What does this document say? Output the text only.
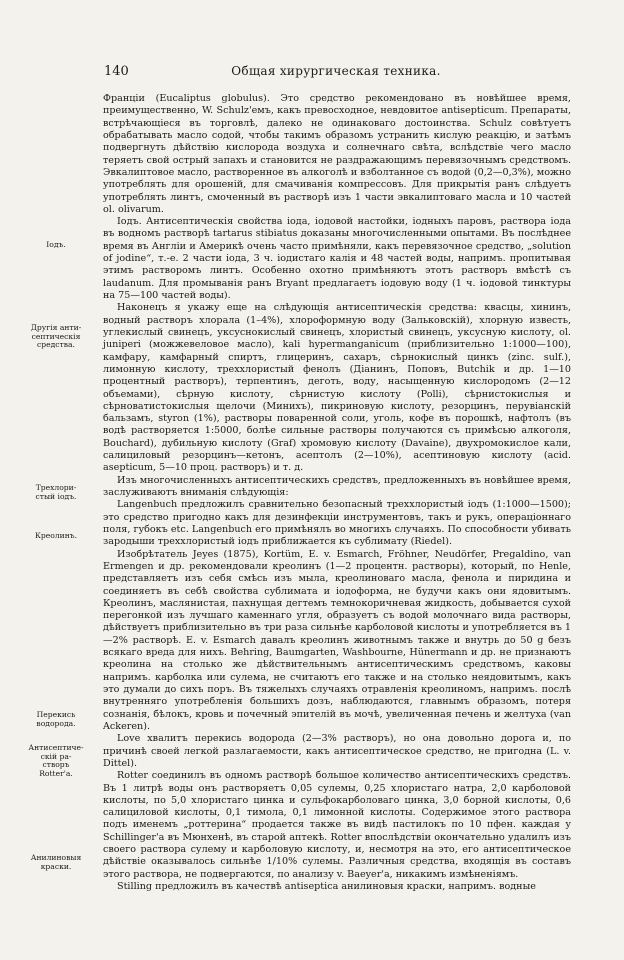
140	Общая хирургическая техника.
Іодъ.
Другія анти-
септическія
средства.
Трехлори-
стый іодъ.
Креолинъ.
Перекись
водорода.
Антисептиче-
скій ра-
створъ
Rotter'а.
Анилиновыя
краски.

Франціи (Eucaliptus globulus). Это средство рекомендовано въ новѣйшее время, преимущественно, W. Schulz'емъ, какъ превосходное, невдовитое antisepticum. Препараты, встрѣчающіеся въ торговлѣ, далеко не одинаковаго достоинства. Schulz совѣтуетъ обрабатывать масло содой, чтобы такимъ образомъ устранить кислую реакцію, и затѣмъ подвергнуть дѣйствію кислорода воздуха и солнечнаго свѣта, вслѣдствіе чего масло теряетъ свой острый запахъ и становится не раздражающимъ перевязочнымъ средствомъ. Эвкалиптовое масло, растворенное въ алкоголѣ и взболтанное съ водой (0,2—0,3%), можно употреблять для орошеній, для смачиванія компрессовъ. Для прикрытія ранъ слѣдуетъ употреблять линтъ, смоченный въ растворѣ изъ 1 части эвкалиптоваго масла и 10 частей ol. olivarum.

Іодъ. Антисептическія свойства іода, іодовой настойки, іодныхъ паровъ, раствора іода въ водномъ растворѣ tartarus stibiatus доказаны многочисленными опытами. Въ послѣднее время въ Англіи и Америкѣ очень часто примѣняли, какъ перевязочное средство, „solution of jodine“, т.-е. 2 части іода, 3 ч. іодистаго калія и 48 частей воды, напримъ. пропитывая этимъ растворомъ линтъ. Особенно охотно примѣняютъ этотъ растворъ вмѣстѣ съ laudanum. Для промыванія ранъ Bryant предлагаетъ іодовую воду (1 ч. іодовой тинктуры на 75—100 частей воды).

Наконецъ я укажу еще на слѣдующія антисептическія средства: квасцы, хининъ, водный растворъ хлорала (1–4%), хлороформную воду (Зальковскій), хлорную известь, углекислый свинецъ, уксуснокислый свинецъ, хлористый свинецъ, уксусную кислоту, ol. juniperi (можжевеловое масло), kali hypermanganicum (приблизительно 1:1000—100), камфару, камфарный спиртъ, глицеринъ, сахаръ, сѣрнокислый цинкъ (zinc. sulf.), лимонную кислоту, трехxлористый фенолъ (Діанинъ, Поповъ, Butchik и др. 1—10 процентный растворъ), терпентинъ, деготь, воду, насыщенную кислородомъ (2—12 объемами), сѣрную кислоту, сѣрнистую кислоту (Polli), сѣрнистокислыя и сѣрноватистокислыя щелочи (Минихъ), пикриновую кислоту, резорцинъ, перувіанскій бальзамъ, styron (1%), растворы поваренной соли, уголь, кофе въ порошкѣ, нафтолъ (въ водѣ растворяется 1:5000, болѣе сильные растворы получаются съ примѣсью алкоголя, Bouchard), дубильную кислоту (Graf) хромовую кислоту (Davaine), двухромокислое кали, салициловый резорцинъ—кетонъ, асептолъ (2—10%), асептиновую кислоту (acid. asepticum, 5—10 проц. растворъ) и т. д.

Изъ многочисленныхъ антисептическихъ средствъ, предложенныхъ въ новѣйшее время, заслуживаютъ вниманія слѣдующія:

Langenbuch предложилъ сравнительно безопасный трехxлористый іодъ (1:1000—1500); это средство пригодно какъ для дезинфекціи инструментовъ, такъ и рукъ, операціоннаго поля, губокъ etc. Langenbuch его примѣнялъ во многихъ случаяхъ. По способности убивать зародыши трехxлористый іодъ приближается къ сублимату (Riedel).

Изобрѣтатель Jeyes (1875), Kortüm, E. v. Esmarch, Fröhner, Neudörfer, Pregaldino, van Ermengen и др. рекомендовали креолинъ (1—2 процентн. растворы), который, по Henle, представляетъ изъ себя смѣсь изъ мыла, креолиноваго масла, фенола и пиридина и соединяетъ въ себѣ свойства сублимата и іодоформа, не будучи какъ они ядовитымъ. Креолинъ, маслянистая, пахнущая дегтемъ темнокоричневая жидкость, добывается сухой перегонкой изъ лучшаго каменнаго угля, образуетъ съ водой молочнаго вида растворы, дѣйствуетъ приблизительно въ три раза сильнѣе карболовой кислоты и употребляется въ 1—2% растворѣ. E. v. Esmarch давалъ креолинъ животнымъ также и внутрь до 50 g безъ всякаго вреда для нихъ. Behring, Baumgarten, Washbourne, Hünermann и др. не признаютъ креолина на столько же дѣйствительнымъ антисептическимъ средствомъ, каковы напримъ. карболка или сулема, не считаютъ его также и на столько неядовитымъ, какъ это думали до сихъ поръ. Въ тяжелыхъ случаяхъ отравленія креолиномъ, напримъ. послѣ внутренняго употребленія большихъ дозъ, наблюдаются, главнымъ образомъ, потеря сознанія, бѣлокъ, кровь и почечный эпителій въ мочѣ, увеличенная печень и желтуха (van Ackeren).

Love хвалитъ перекись водорода (2—3% растворъ), но она довольно дорога и, по причинѣ своей легкой разлагаемости, какъ антисептическое средство, не пригодна (L. v. Dittel).

Rotter соединилъ въ одномъ растворѣ большое количество антисептическихъ средствъ. Въ 1 литрѣ воды онъ растворяетъ 0,05 сулемы, 0,25 хлористаго натра, 2,0 карболовой кислоты, по 5,0 хлористаго цинка и сульфокарболоваго цинка, 3,0 борной кислоты, 0,6 салициловой кислоты, 0,1 тимола, 0,1 лимонной кислоты. Содержимое этого раствора подъ именемъ „роттерина“ продается также въ видѣ пастилокъ по 10 пфен. каждая у Schillinger'а въ Мюнхенѣ, въ старой аптекѣ. Rotter впослѣдствіи окончательно удалилъ изъ своего раствора сулему и карболовую кислоту, и, несмотря на это, его антисептическое дѣйствіе оказывалось сильнѣе 1/10% сулемы. Различныя средства, входящія въ составъ этого раствора, не подвергаются, по анализу v. Baeyer'а, никакимъ измѣненіямъ.

Stilling предложилъ въ качествѣ antiseptica анилиновыя краски, напримъ. водные
